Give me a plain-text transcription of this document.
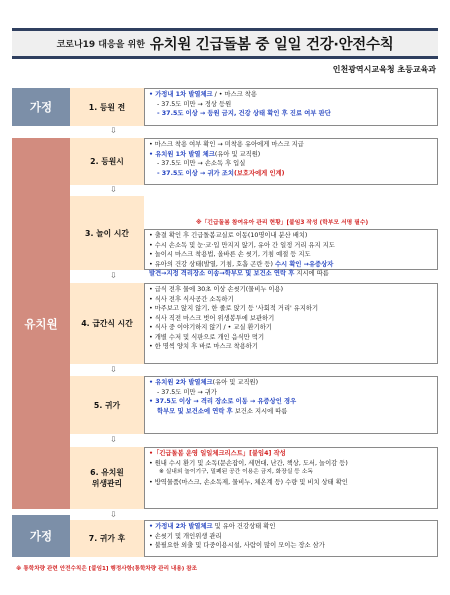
코로나19 대응을 위한 유치원 긴급돌봄 중 일일 건강·안전수칙
인천광역시교육청 초등교육과
가정
유치원
가정
1. 등원 전
• 가정내 1차 발열체크 / • 마스크 착용
- 37.5도 미만 → 정상 등원
- 37.5도 이상 → 등원 금지, 건강 상태 확인 후 진료 여부 판단
⇩
2. 등원시
• 마스크 착용 여부 확인 → 미착용 유아에게 마스크 지급
• 유치원 1차 발열 체크(유아 및 교직원)
- 37.5도 미만 → 손소독 후 입실
- 37.5도 이상 → 귀가 조치(보호자에게 인계)
⇩
※「긴급돌봄 참여유아 관리 현황」[붙임3 작성 (학부모 서명 필수)
3. 놀이 시간	• 출결 확인 후 긴급돌봄교실로 이동(10명이내 분산 배치)
• 수시 손소독 및 눈·코·입 만지지 않기, 유아 간 일정 거리 유지 지도
• 놀이시 마스크 착용법, 올바른 손 씻기, 기침 예절 등 지도
• 유아의 건강 상태(발열, 기침, 호흡 곤란 등) 수시 확인 →유증상자
발견→지정 격리장소 이송→학부모 및 보건소 연락 후 지시에 따름
⇩
4. 급간식 시간
• 급식 전후 물에 30초 이상 손씻기(물비누 이용)
• 식사 전후 식사공간 소독하기
• 마주보고 앉지 않기, 한 줄로 앉기 등 '사회적 거리' 유지하기
• 식사 직전 마스크 벗어 위생봉투에 보관하기
• 식사 중 이야기하지 않기 / • 교실 환기하기
• 개별 수저 및 식판으로 개인 음식만 먹기
• 한 명씩 양치 후 바로 마스크 착용하기
⇩
5. 귀가
• 유치원 2차 발열체크(유아 및 교직원)
- 37.5도 미만 → 귀가
• 37.5도 이상 → 격리 장소로 이동 → 유증상인 경우
학부모 및 보건소에 연락 후 보건소 지시에 따름
⇩
6. 유치원
위생관리
•「긴급돌봄 운영 일일체크리스트」[붙임4] 작성
• 원내 수시 환기 및 소독(문손잡이, 세면대, 난간, 책상, 도서, 놀이감 등)
※ 실내외 놀이기구, 밀폐된 공간 이용은 금지, 화장실 등 소독
• 방역물품(마스크, 손소독제, 물비누, 체온계 등) 수량 및 비치 상태 확인
⇩
7. 귀가 후
• 가정내 2차 발열체크 및 유아 건강상태 확인
• 손씻기 및 개인위생 관리
• 불필요한 외출 및 다중이용시설, 사람이 많이 모이는 장소 삼가
※ 통학차량 관련 안전수칙은 [붙임1] 행정사항(통학차량 관리 내용) 참조
